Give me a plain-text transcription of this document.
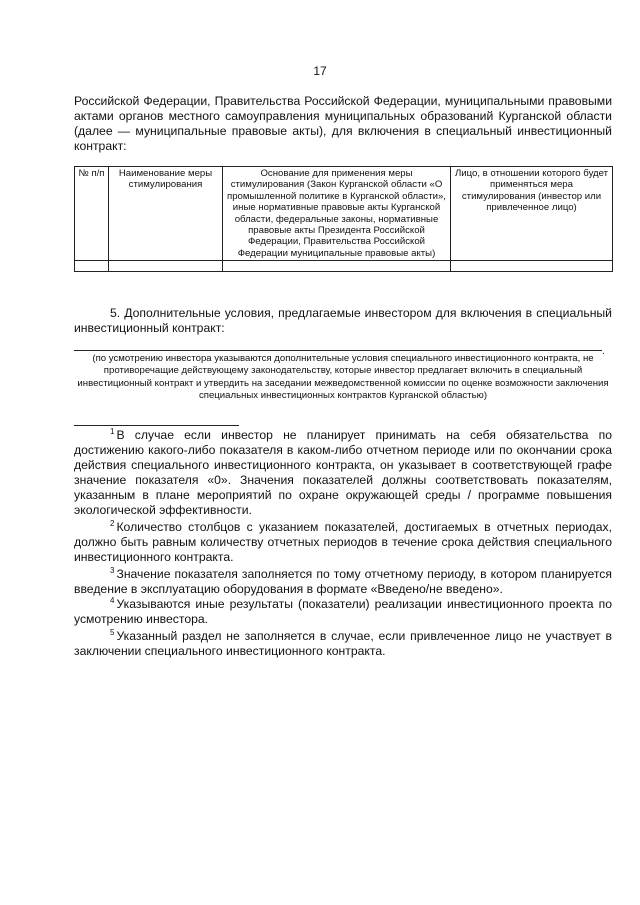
17

Российской Федерации, Правительства Российской Федерации, муниципальными правовыми актами органов местного самоуправления муниципальных образований Курганской области (далее — муниципальные правовые акты), для включения в специальный инвестиционный контракт:

№ п/п	Наименование меры стимулирования	Основание для применения меры стимулирования (Закон Курганской области «О промышленной политике в Курганской области», иные нормативные правовые акты Курганской области, федеральные законы, нормативные правовые акты Президента Российской Федерации, Правительства Российской Федерации муниципальные правовые акты)	Лицо, в отношении которого будет применяться мера стимулирования (инвестор или привлеченное лицо)

5. Дополнительные условия, предлагаемые инвестором для включения в специальный инвестиционный контракт:

.

(по усмотрению инвестора указываются дополнительные условия специального инвестиционного контракта, не противоречащие действующему законодательству, которые инвестор предлагает включить в специальный инвестиционный контракт и утвердить на заседании межведомственной комиссии по оценке возможности заключения специальных инвестиционных контрактов Курганской областью)

$^1$ В случае если инвестор не планирует принимать на себя обязательства по достижению какого-либо показателя в каком-либо отчетном периоде или по окончании срока действия специального инвестиционного контракта, он указывает в соответствующей графе значение показателя «0». Значения показателей должны соответствовать показателям, указанным в плане мероприятий по охране окружающей среды / программе повышения экологической эффективности.

$^2$ Количество столбцов с указанием показателей, достигаемых в отчетных периодах, должно быть равным количеству отчетных периодов в течение срока действия специального инвестиционного контракта.

$^3$ Значение показателя заполняется по тому отчетному периоду, в котором планируется введение в эксплуатацию оборудования в формате «Введено/не введено».

$^4$ Указываются иные результаты (показатели) реализации инвестиционного проекта по усмотрению инвестора.

$^5$ Указанный раздел не заполняется в случае, если привлеченное лицо не участвует в заключении специального инвестиционного контракта.
